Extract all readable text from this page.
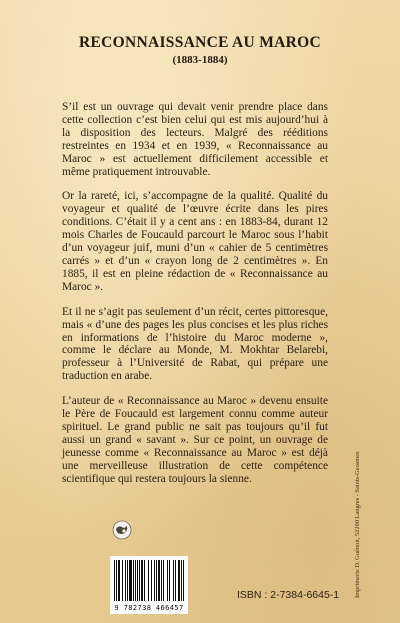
RECONNAISSANCE AU MAROC
(1883-1884)

S’il est un ouvrage qui devait venir prendre place dans cette collection c’est bien celui qui est mis aujourd’hui à la disposition des lecteurs. Malgré des rééditions restreintes en 1934 et en 1939, « Reconnaissance au Maroc » est actuellement difficilement accessible et même pratiquement introuvable.

Or la rareté, ici, s’accompagne de la qualité. Qualité du voyageur et qualité de l’œuvre écrite dans les pires conditions. C’était il y a cent ans : en 1883-84, durant 12 mois Charles de Foucauld parcourt le Maroc sous l’habit d’un voyageur juif, muni d’un « cahier de 5 centimètres carrés » et d’un « crayon long de 2 centimètres ». En 1885, il est en pleine rédaction de « Reconnaissance au Maroc ».

Et il ne s’agit pas seulement d’un récit, certes pittoresque, mais « d’une des pages les plus concises et les plus riches en informations de l’histoire du Maroc moderne », comme le déclare au Monde, M. Mokhtar Belarebi, professeur à l’Université de Rabat, qui prépare une traduction en arabe.

L’auteur de « Reconnaissance au Maroc » devenu ensuite le Père de Foucauld est largement connu comme auteur spirituel. Le grand public ne sait pas toujours qu’il fut aussi un grand « savant ». Sur ce point, un ouvrage de jeunesse comme « Reconnaissance au Maroc » est déjà une merveilleuse illustration de cette compétence scientifique qui restera toujours la sienne.	Imprimerie D. Guéniot, 52200 Langres - Saints-Geosmes
9 782738 466457
ISBN : 2-7384-6645-1
